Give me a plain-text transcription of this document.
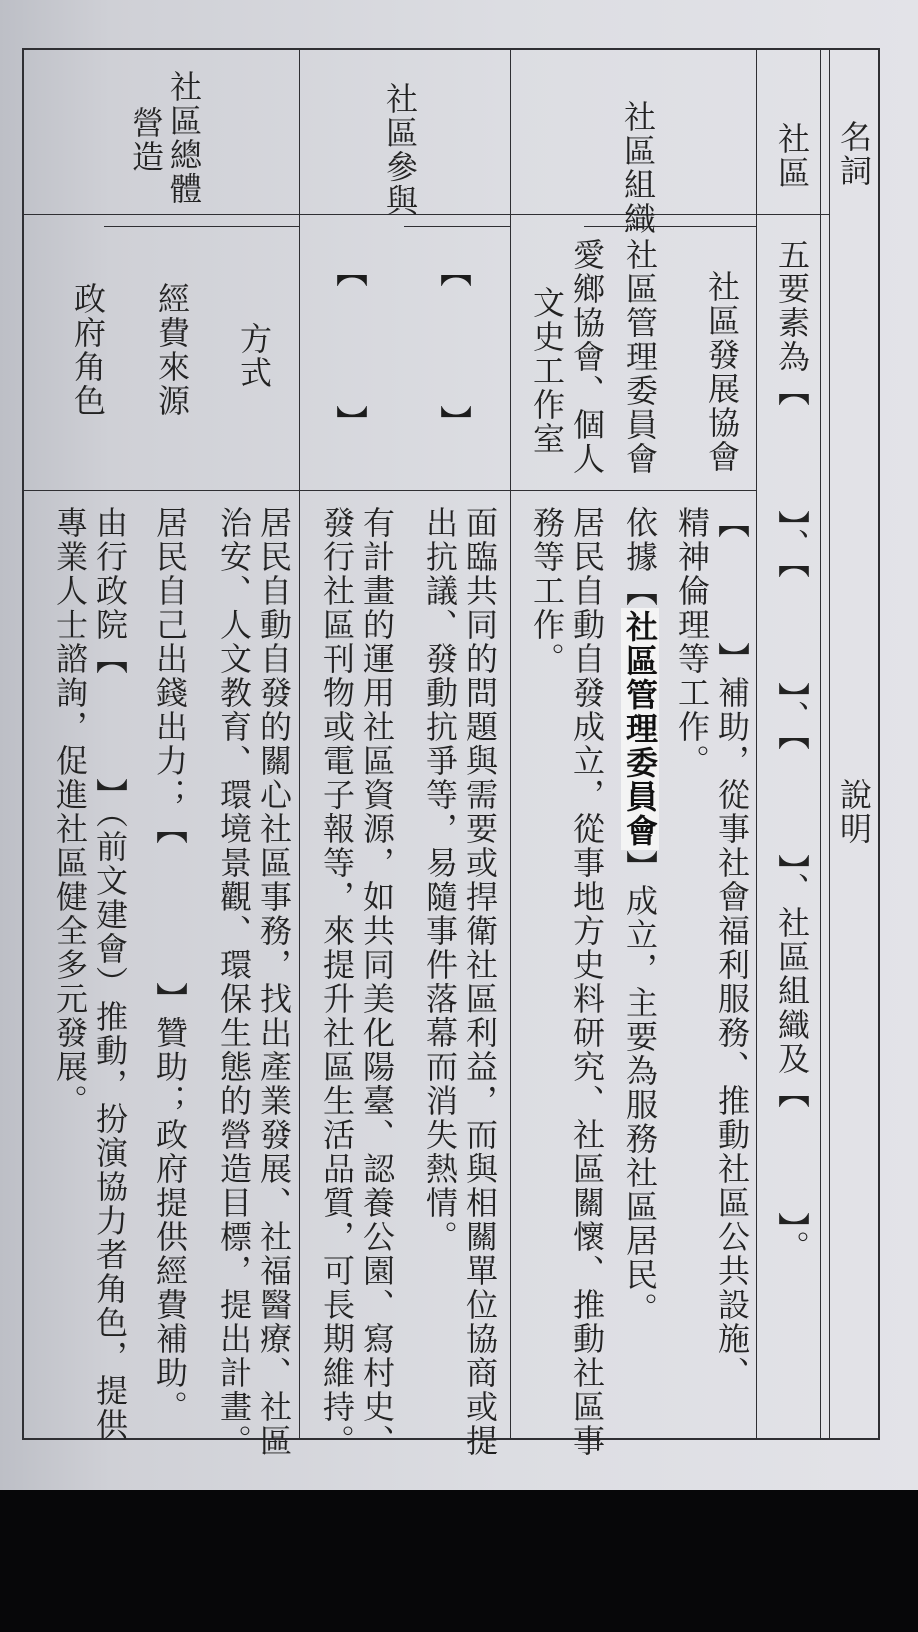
名詞
說明
社區
五要素為【　　　】、【　　　】、【　　　】、社區組織及【　　　】。
社區組織
社區發展協會
【　　　】補助，從事社會福利服務、推動社區公共設施、
精神倫理等工作。
社區管理委員會
依據【社區管理委員會】成立，主要為服務社區居民。
愛鄉協會、個人
文史工作室
居民自動自發成立，從事地方史料研究、社區關懷、推動社區事
務等工作。
社區參與
【　　　　】
面臨共同的問題與需要或捍衛社區利益，而與相關單位協商或提
出抗議、發動抗爭等，易隨事件落幕而消失熱情。
【　　　　】
有計畫的運用社區資源，如共同美化陽臺、認養公園、寫村史、
發行社區刊物或電子報等，來提升社區生活品質，可長期維持。
社區總體
營造
方式
居民自動自發的關心社區事務，找出產業發展、社福醫療、社區
治安、人文教育、環境景觀、環保生態的營造目標，提出計畫。
經費來源
居民自己出錢出力；【　　　　】贊助；政府提供經費補助。
政府角色
由行政院【　　　】（前文建會）推動，扮演協力者角色，提供
專業人士諮詢，促進社區健全多元發展。
